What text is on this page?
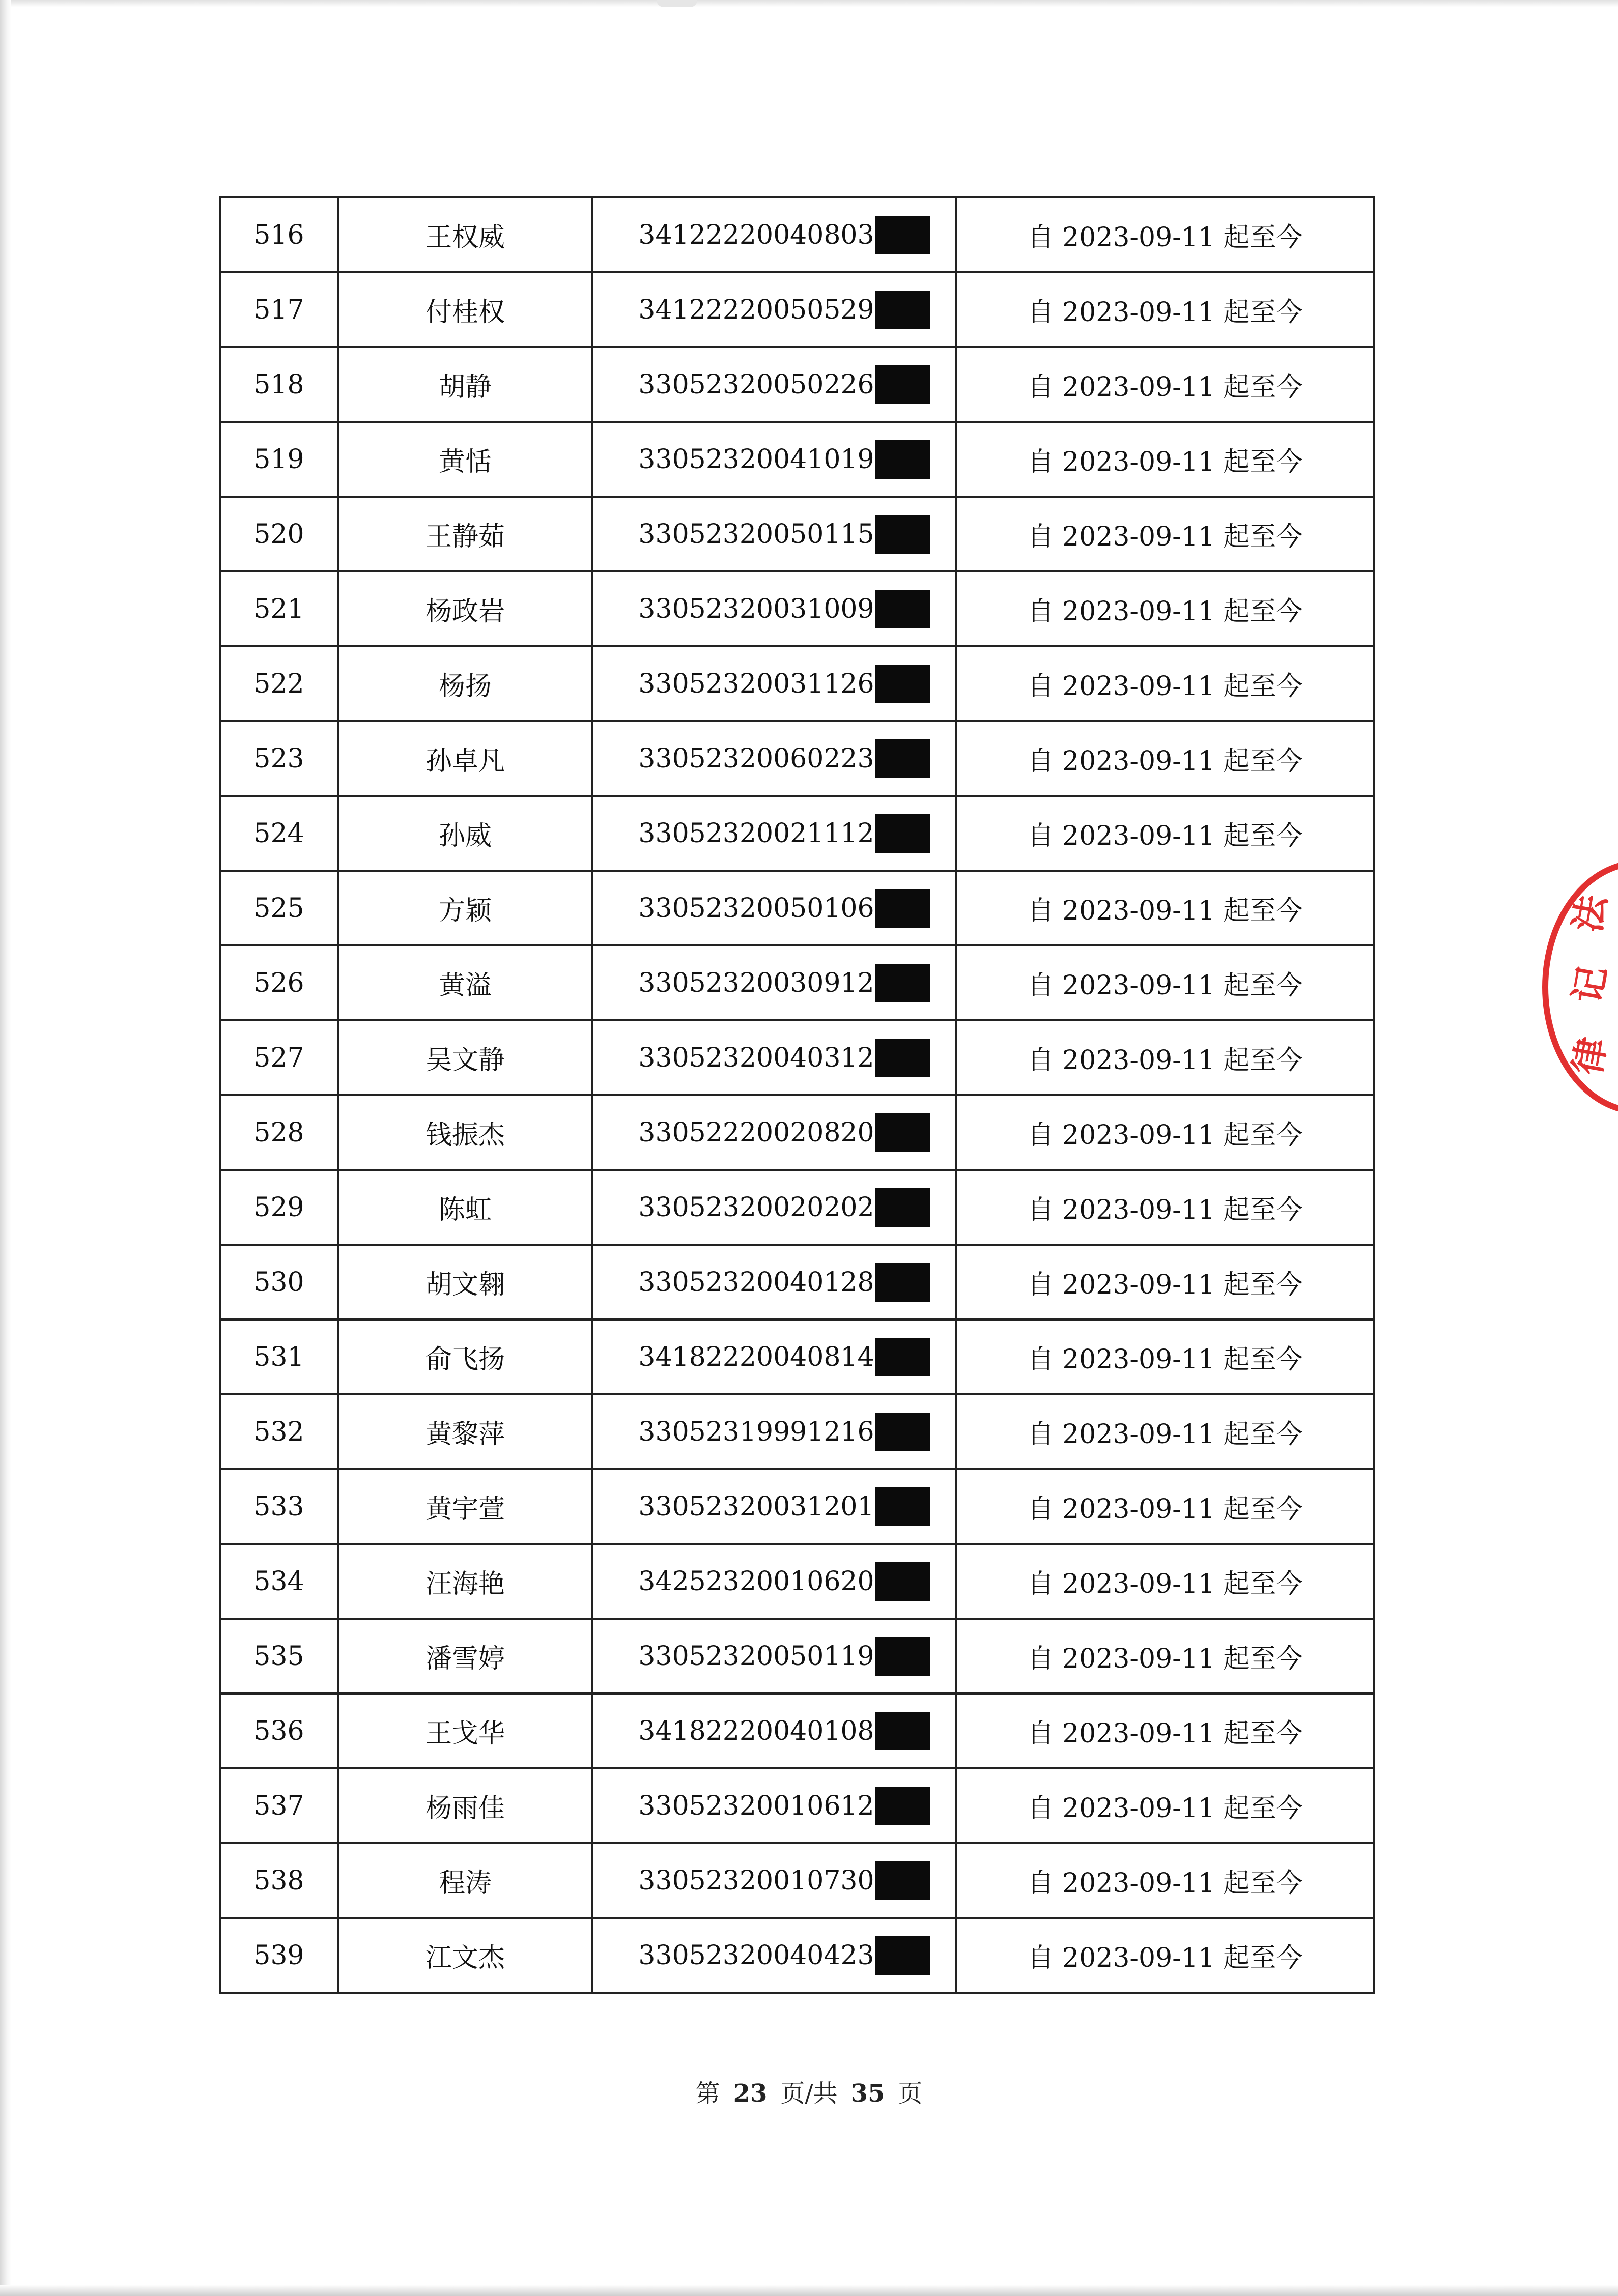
516	王权威	34122220040803	自 2023-09-11 起至今
517	付桂权	34122220050529	自 2023-09-11 起至今
518	胡静	33052320050226	自 2023-09-11 起至今
519	黄恬	33052320041019	自 2023-09-11 起至今
520	王静茹	33052320050115	自 2023-09-11 起至今
521	杨政岩	33052320031009	自 2023-09-11 起至今
522	杨扬	33052320031126	自 2023-09-11 起至今
523	孙卓凡	33052320060223	自 2023-09-11 起至今
524	孙威	33052320021112	自 2023-09-11 起至今
525	方颖	33052320050106	自 2023-09-11 起至今
526	黄溢	33052320030912	自 2023-09-11 起至今
527	吴文静	33052320040312	自 2023-09-11 起至今
528	钱振杰	33052220020820	自 2023-09-11 起至今
529	陈虹	33052320020202	自 2023-09-11 起至今
530	胡文翱	33052320040128	自 2023-09-11 起至今
531	俞飞扬	34182220040814	自 2023-09-11 起至今
532	黄黎萍	33052319991216	自 2023-09-11 起至今
533	黄宇萱	33052320031201	自 2023-09-11 起至今
534	汪海艳	34252320010620	自 2023-09-11 起至今
535	潘雪婷	33052320050119	自 2023-09-11 起至今
536	王戈华	34182220040108	自 2023-09-11 起至今
537	杨雨佳	33052320010612	自 2023-09-11 起至今
538	程涛	33052320010730	自 2023-09-11 起至今
539	江文杰	33052320040423	自 2023-09-11 起至今
第 23 页/共 35 页
法
记
律
